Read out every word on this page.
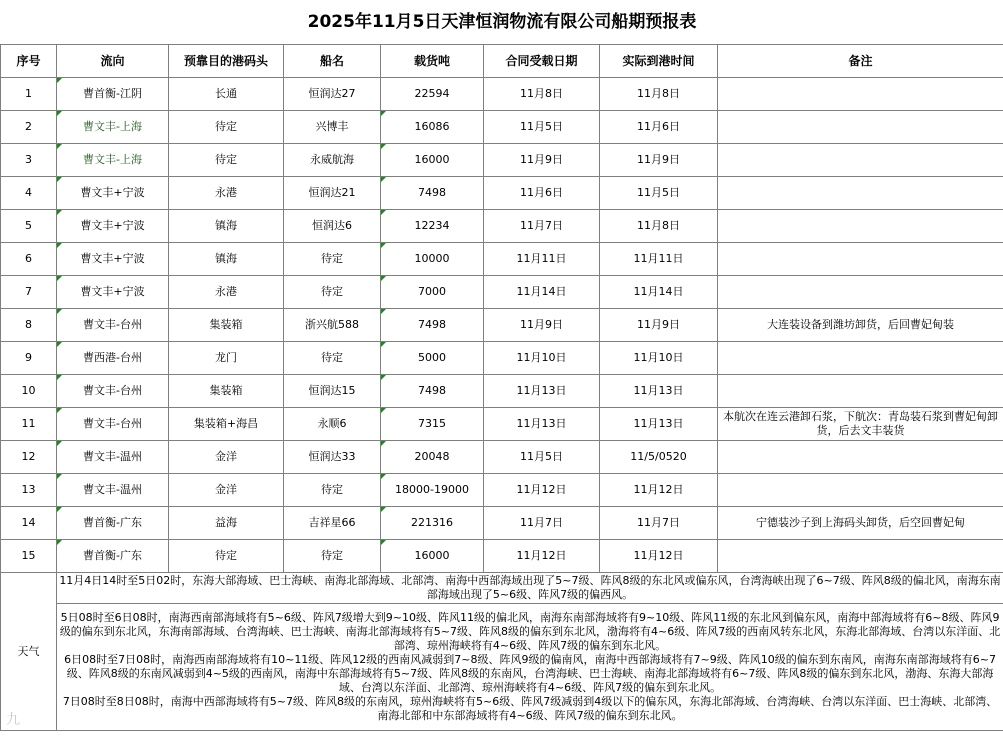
2025年11月5日天津恒润物流有限公司船期预报表							
序号	流向	预靠目的港码头	船名	载货吨	合同受载日期	实际到港时间	备注
1	曹首衡-江阴	长通	恒润达27	22594	11月8日	11月8日	
2	曹文丰-上海	待定	兴博丰	16086	11月5日	11月6日	
3	曹文丰-上海	待定	永威航海	16000	11月9日	11月9日	
4	曹文丰+宁波	永港	恒润达21	7498	11月6日	11月5日	
5	曹文丰+宁波	镇海	恒润达6	12234	11月7日	11月8日	
6	曹文丰+宁波	镇海	待定	10000	11月11日	11月11日	
7	曹文丰+宁波	永港	待定	7000	11月14日	11月14日	
8	曹文丰-台州	集装箱	浙兴航588	7498	11月9日	11月9日	大连装设备到潍坊卸货，后回曹妃甸装
9	曹西港-台州	龙门	待定	5000	11月10日	11月10日	
10	曹文丰-台州	集装箱	恒润达15	7498	11月13日	11月13日	
11	曹文丰-台州	集装箱+海昌	永顺6	7315	11月13日	11月13日	本航次在连云港卸石浆，下航次：青岛装石浆到曹妃甸卸货，后去文丰装货
12	曹文丰-温州	金洋	恒润达33	20048	11月5日	11/5/0520	
13	曹文丰-温州	金洋	待定	18000-19000	11月12日	11月12日	
14	曹首衡-广东	益海	吉祥星66	221316	11月7日	11月7日	宁德装沙子到上海码头卸货，后空回曹妃甸
15	曹首衡-广东	待定	待定	16000	11月12日	11月12日	
天气	11月4日14时至5日02时，东海大部海域、巴士海峡、南海北部海域、北部湾、南海中西部海域出现了5~7级、阵风8级的东北风或偏东风，台湾海峡出现了6~7级、阵风8级的偏北风，南海东南部海域出现了5~6级、阵风7级的偏西风。						

	5日08时至6日08时，南海西南部海域将有5~6级、阵风7级增大到9~10级、阵风11级的偏北风，南海东南部海域将有9~10级、阵风11级的东北风到偏东风，南海中部海域将有6~8级、阵风9级的偏东到东北风，东海南部海域、台湾海峡、巴士海峡、南海北部海域将有5~7级、阵风8级的偏东到东北风，渤海将有4~6级、阵风7级的西南风转东北风，东海北部海域、台湾以东洋面、北部湾、琼州海峡将有4~6级、阵风7级的偏东到东北风。
6日08时至7日08时，南海西南部海域将有10~11级、阵风12级的西南风减弱到7~8级、阵风9级的偏南风，南海中西部海域将有7~9级、阵风10级的偏东到东南风，南海东南部海域将有6~7级、阵风8级的东南风减弱到4~5级的西南风，南海中东部海域将有5~7级、阵风8级的东南风，台湾海峡、巴士海峡、南海北部海域将有6~7级、阵风8级的偏东到东北风，渤海、东海大部海域、台湾以东洋面、北部湾、琼州海峡将有4~6级、阵风7级的偏东到东北风。
7日08时至8日08时，南海中西部海域将有5~7级、阵风8级的东南风，琼州海峡将有5~6级、阵风7级减弱到4级以下的偏东风，东海北部海域、台湾海峡、台湾以东洋面、巴士海峡、北部湾、南海北部和中东部海域将有4~6级、阵风7级的偏东到东北风。						
九
